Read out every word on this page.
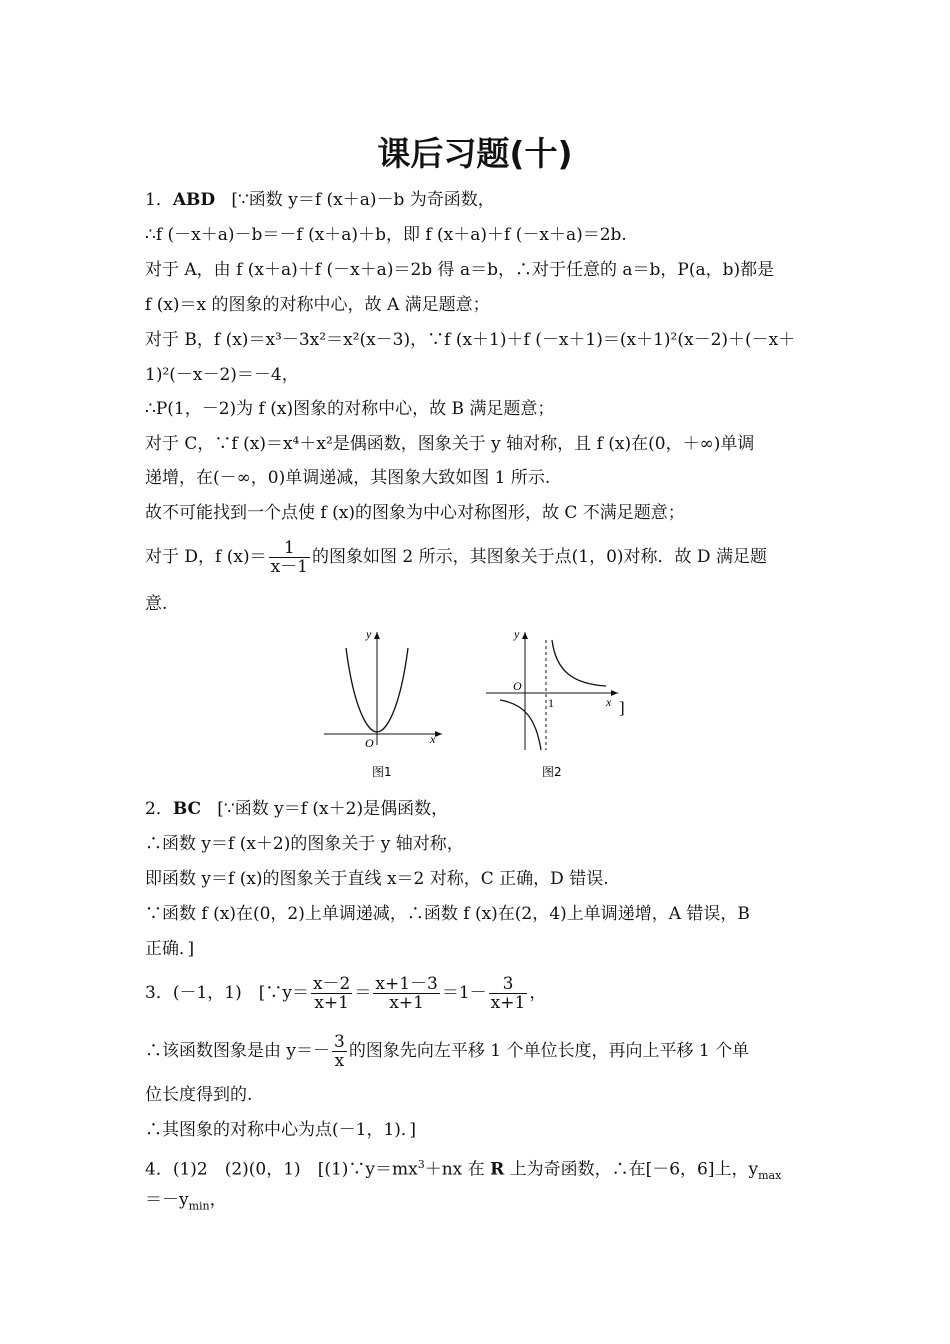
课后习题(十)
1．ABD [∵函数 y＝f (x＋a)－b 为奇函数，
∴f (－x＋a)－b＝－f (x＋a)＋b，即 f (x＋a)＋f (－x＋a)＝2b.
对于 A，由 f (x＋a)＋f (－x＋a)＝2b 得 a＝b，∴对于任意的 a＝b，P(a，b)都是
f (x)＝x 的图象的对称中心，故 A 满足题意；
对于 B，f (x)＝x³－3x²＝x²(x－3)，∵f (x＋1)＋f (－x＋1)＝(x＋1)²(x－2)＋(－x＋
1)²(－x－2)＝－4，
∴P(1，－2)为 f (x)图象的对称中心，故 B 满足题意；
对于 C，∵f (x)＝x⁴＋x²是偶函数，图象关于 y 轴对称，且 f (x)在(0，＋∞)单调
递增，在(－∞，0)单调递减，其图象大致如图 1 所示.
故不可能找到一个点使 f (x)的图象为中心对称图形，故 C 不满足题意；
对于 D，f $(x)= \frac{1}{x-1}$ 的图象如图 2 所示，其图象关于点(1，0)对称．故 D 满足题
意.
y
x
O
图1
y
x
O
1	]
图2
2．BC [∵函数 y＝f (x＋2)是偶函数，
∴函数 y＝f (x＋2)的图象关于 y 轴对称，
即函数 y＝f (x)的图象关于直线 x＝2 对称，C 正确，D 错误.
∵函数 f (x)在(0，2)上单调递减，∴函数 f (x)在(2，4)上单调递增，A 错误，B
正确．]
3．(－1，1)　[∵y＝ $\frac{x-2}{x+1} = \frac{x+1-3}{x+1} =1- \frac{3}{x+1}$ ，
∴该函数图象是由 $y=- \frac{3}{x}$ 的图象先向左平移 1 个单位长度，再向上平移 1 个单
位长度得到的.
∴其图象的对称中心为点(－1，1)．]
4．(1)2　(2)(0，1)　[$(1)\because y=mx^3+nx$ 在 R 上为奇函数，∴在[－6，6]上，$y_{max}$
$=-y_{min}$，
